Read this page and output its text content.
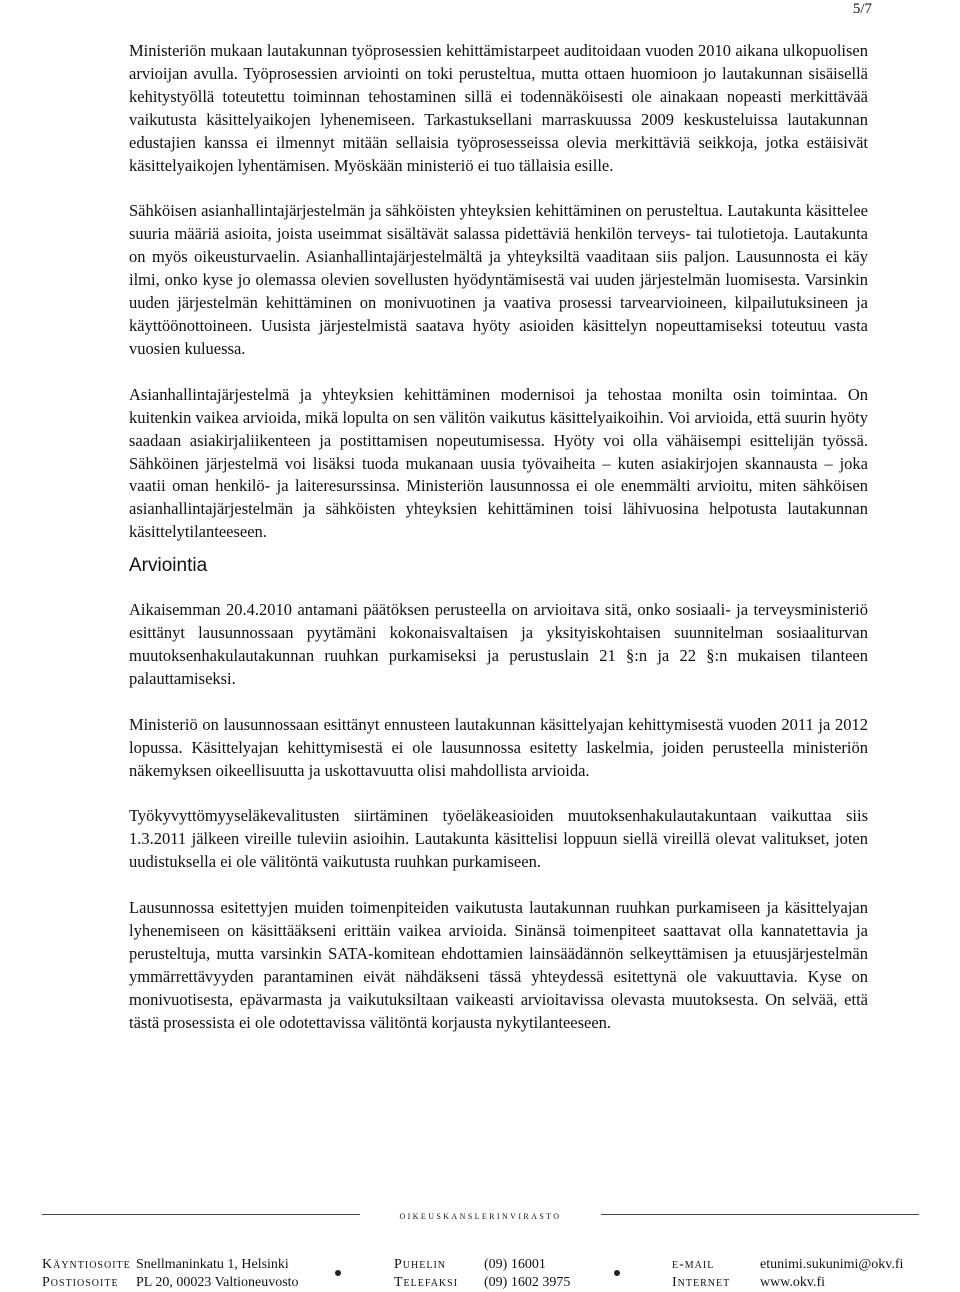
5/7

Ministeriön mukaan lautakunnan työprosessien kehittämistarpeet auditoidaan vuoden 2010 aikana ulkopuolisen arvioijan avulla. Työprosessien arviointi on toki perusteltua, mutta ottaen huomioon jo lautakunnan sisäisellä kehitystyöllä toteutettu toiminnan tehostaminen sillä ei todennäköisesti ole ainakaan nopeasti merkittävää vaikutusta käsittelyaikojen lyhenemiseen. Tarkastuksellani marraskuussa 2009 keskusteluissa lautakunnan edustajien kanssa ei ilmennyt mitään sellaisia työprosesseissa olevia merkittäviä seikkoja, jotka estäisivät käsittelyaikojen lyhentämisen. Myöskään ministeriö ei tuo tällaisia esille.

Sähköisen asianhallintajärjestelmän ja sähköisten yhteyksien kehittäminen on perusteltua. Lautakunta käsittelee suuria määriä asioita, joista useimmat sisältävät salassa pidettäviä henkilön terveys- tai tulotietoja. Lautakunta on myös oikeusturvaelin. Asianhallintajärjestelmältä ja yhteyksiltä vaaditaan siis paljon. Lausunnosta ei käy ilmi, onko kyse jo olemassa olevien sovellusten hyödyntämisestä vai uuden järjestelmän luomisesta. Varsinkin uuden järjestelmän kehittäminen on monivuotinen ja vaativa prosessi tarvearvioineen, kilpailutuksineen ja käyttöönottoineen. Uusista järjestelmistä saatava hyöty asioiden käsittelyn nopeuttamiseksi toteutuu vasta vuosien kuluessa.

Asianhallintajärjestelmä ja yhteyksien kehittäminen modernisoi ja tehostaa monilta osin toimintaa. On kuitenkin vaikea arvioida, mikä lopulta on sen välitön vaikutus käsittelyaikoihin. Voi arvioida, että suurin hyöty saadaan asiakirjaliikenteen ja postittamisen nopeutumisessa. Hyöty voi olla vähäisempi esittelijän työssä. Sähköinen järjestelmä voi lisäksi tuoda mukanaan uusia työvaiheita – kuten asiakirjojen skannausta – joka vaatii oman henkilö- ja laiteresurssinsa. Ministeriön lausunnossa ei ole enemmälti arvioitu, miten sähköisen asianhallintajärjestelmän ja sähköisten yhteyksien kehittäminen toisi lähivuosina helpotusta lautakunnan käsittelytilanteeseen.

Arviointia

Aikaisemman 20.4.2010 antamani päätöksen perusteella on arvioitava sitä, onko sosiaali- ja terveysministeriö esittänyt lausunnossaan pyytämäni kokonaisvaltaisen ja yksityiskohtaisen suunnitelman sosiaaliturvan muutoksenhakulautakunnan ruuhkan purkamiseksi ja perustuslain 21 §:n ja 22 §:n mukaisen tilanteen palauttamiseksi.

Ministeriö on lausunnossaan esittänyt ennusteen lautakunnan käsittelyajan kehittymisestä vuoden 2011 ja 2012 lopussa. Käsittelyajan kehittymisestä ei ole lausunnossa esitetty laskelmia, joiden perusteella ministeriön näkemyksen oikeellisuutta ja uskottavuutta olisi mahdollista arvioida.

Työkyvyttömyyseläkevalitusten siirtäminen työeläkeasioiden muutoksenhakulautakuntaan vaikuttaa siis 1.3.2011 jälkeen vireille tuleviin asioihin. Lautakunta käsittelisi loppuun siellä vireillä olevat valitukset, joten uudistuksella ei ole välitöntä vaikutusta ruuhkan purkamiseen.

Lausunnossa esitettyjen muiden toimenpiteiden vaikutusta lautakunnan ruuhkan purkamiseen ja käsittelyajan lyhenemiseen on käsittääkseni erittäin vaikea arvioida. Sinänsä toimenpiteet saattavat olla kannatettavia ja perusteltuja, mutta varsinkin SATA-komitean ehdottamien lainsäädännön selkeyttämisen ja etuusjärjestelmän ymmärrettävyyden parantaminen eivät nähdäkseni tässä yhteydessä esitettynä ole vakuuttavia. Kyse on monivuotisesta, epävarmasta ja vaikutuksiltaan vaikeasti arvioitavissa olevasta muutoksesta. On selvää, että tästä prosessista ei ole odotettavissa välitöntä korjausta nykytilanteeseen.

oikeuskanslerinvirasto
Käyntiosoite Snellmaninkatu 1, Helsinki
Postiosoite PL 20, 00023 Valtioneuvosto
Puhelin	(09) 16001
Telefaksi (09) 1602 3975
e-mail	etunimi.sukunimi@okv.fi
Internet www.okv.fi
